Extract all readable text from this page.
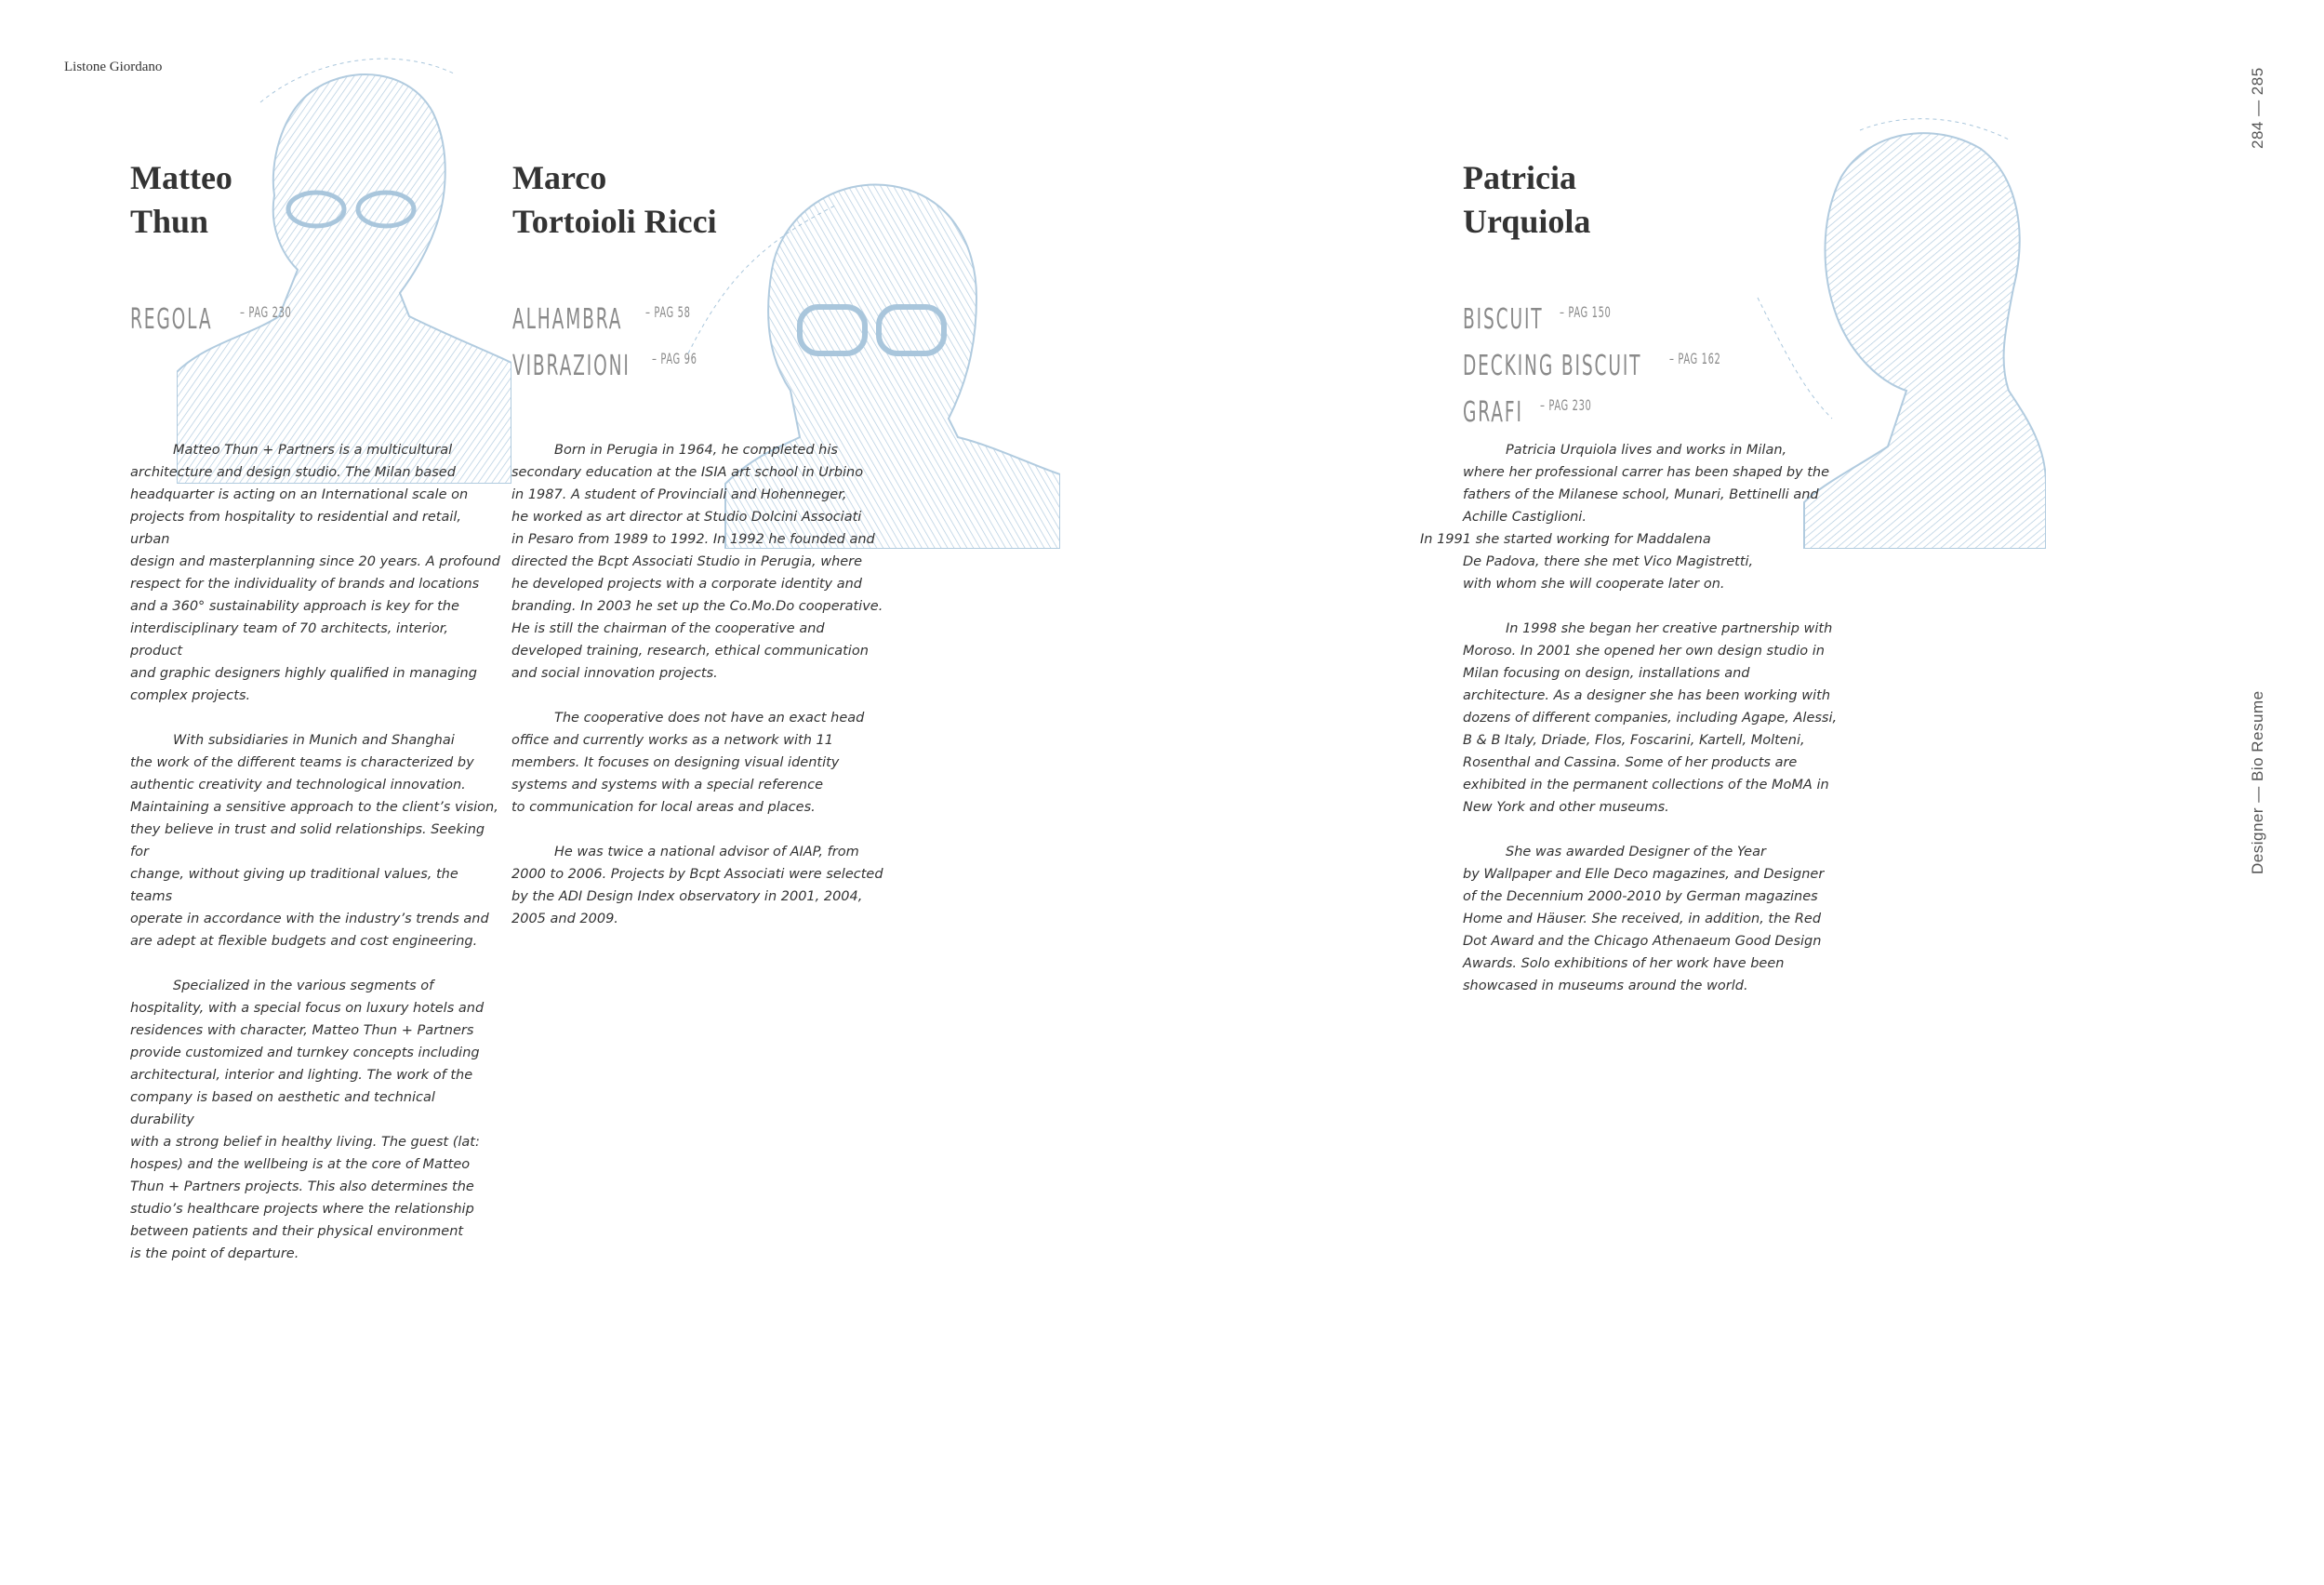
Listone Giordano
284 — 285
Designer — Bio Resume
Matteo
Thun
REGOLA – PAG 230

Matteo Thun + Partners is a multicultural
architecture and design studio. The Milan based
headquarter is acting on an International scale on
projects from hospitality to residential and retail, urban
design and masterplanning since 20 years. A profound
respect for the individuality of brands and locations
and a 360° sustainability approach is key for the
interdisciplinary team of 70 architects, interior, product
and graphic designers highly qualified in managing
complex projects.

With subsidiaries in Munich and Shanghai
the work of the different teams is characterized by
authentic creativity and technological innovation.
Maintaining a sensitive approach to the client’s vision,
they believe in trust and solid relationships. Seeking for
change, without giving up traditional values, the teams
operate in accordance with the industry’s trends and
are adept at flexible budgets and cost engineering.

Specialized in the various segments of
hospitality, with a special focus on luxury hotels and
residences with character, Matteo Thun + Partners
provide customized and turnkey concepts including
architectural, interior and lighting. The work of the
company is based on aesthetic and technical durability
with a strong belief in healthy living. The guest (lat:
hospes) and the wellbeing is at the core of Matteo
Thun + Partners projects. This also determines the
studio’s healthcare projects where the relationship
between patients and their physical environment
is the point of departure.

Marco
Tortoioli Ricci
ALHAMBRA – PAG 58
VIBRAZIONI – PAG 96

Born in Perugia in 1964, he completed his
secondary education at the ISIA art school in Urbino
in 1987. A student of Provinciali and Hohenneger,
he worked as art director at Studio Dolcini Associati
in Pesaro from 1989 to 1992. In 1992 he founded and
directed the Bcpt Associati Studio in Perugia, where
he developed projects with a corporate identity and
branding. In 2003 he set up the Co.Mo.Do cooperative.
He is still the chairman of the cooperative and
developed training, research, ethical communication
and social innovation projects.

The cooperative does not have an exact head
office and currently works as a network with 11
members. It focuses on designing visual identity
systems and systems with a special reference
to communication for local areas and places.

He was twice a national advisor of AIAP, from
2000 to 2006. Projects by Bcpt Associati were selected
by the ADI Design Index observatory in 2001, 2004,
2005 and 2009.

Patricia
Urquiola
BISCUIT – PAG 150
DECKING BISCUIT – PAG 162
GRAFI – PAG 230

Patricia Urquiola lives and works in Milan,
where her professional carrer has been shaped by the
fathers of the Milanese school, Munari, Bettinelli and
Achille Castiglioni.
In 1991 she started working for Maddalena
De Padova, there she met Vico Magistretti,
with whom she will cooperate later on.

In 1998 she began her creative partnership with
Moroso. In 2001 she opened her own design studio in
Milan focusing on design, installations and
architecture. As a designer she has been working with
dozens of different companies, including Agape, Alessi,
B & B Italy, Driade, Flos, Foscarini, Kartell, Molteni,
Rosenthal and Cassina. Some of her products are
exhibited in the permanent collections of the MoMA in
New York and other museums.

She was awarded Designer of the Year
by Wallpaper and Elle Deco magazines, and Designer
of the Decennium 2000-2010 by German magazines
Home and Häuser. She received, in addition, the Red
Dot Award and the Chicago Athenaeum Good Design
Awards. Solo exhibitions of her work have been
showcased in museums around the world.
